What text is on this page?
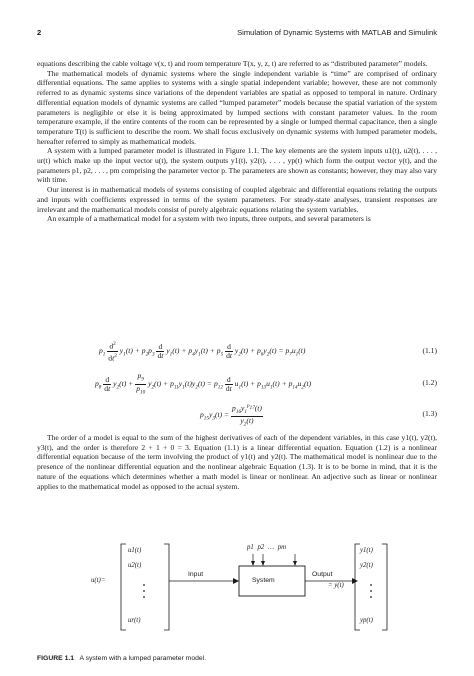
2	Simulation of Dynamic Systems with MATLAB and Simulink

equations describing the cable voltage v(x, t) and room temperature T(x, y, z, t) are referred to as “distributed parameter” models.

The mathematical models of dynamic systems where the single independent variable is “time” are comprised of ordinary differential equations. The same applies to systems with a single spatial independent variable; however, these are not commonly referred to as dynamic systems since variations of the dependent variables are spatial as opposed to temporal in nature. Ordinary differential equation models of dynamic systems are called “lumped parameter” models because the spatial variation of the system parameters is negligible or else it is being approximated by lumped sections with constant parameter values. In the room temperature example, if the entire contents of the room can be represented by a single or lumped thermal capacitance, then a single temperature T(t) is sufficient to describe the room. We shall focus exclusively on dynamic systems with lumped parameter models, hereafter referred to simply as mathematical models.

A system with a lumped parameter model is illustrated in Figure 1.1. The key elements are the system inputs u1(t), u2(t), . . . , ur(t) which make up the input vector u(t), the system outputs y1(t), y2(t), . . . , yp(t) which form the output vector y(t), and the parameters p1, p2, . . . , pm comprising the parameter vector p. The parameters are shown as constants; however, they may also vary with time.

Our interest is in mathematical models of systems consisting of coupled algebraic and differential equations relating the outputs and inputs with coefficients expressed in terms of the system parameters. For steady-state analyses, transient responses are irrelevant and the mathematical models consist of purely algebraic equations relating the system variables.

An example of a mathematical model for a system with two inputs, three outputs, and several parameters is

$p_1 \frac{d^2}{dt^2} y_1(t) + p_2p_3 \frac{d}{dt} y_1(t) + p_4y_1(t) + p_5 \frac{d}{dt} y_2(t) + p_6y_2(t) = p_7u_1(t)$	(1.1)
$p_8 \frac{d}{dt} y_2(t) + \frac{p_9}{p_{10}} y_2(t) + p_{11}y_1(t)y_2(t) = p_{12} \frac{d}{dt} u_1(t) + p_{13}u_1(t) + p_{14}u_2(t)$	(1.2)
$p_{15}y_3(t) = \frac{p_{16}y_1^{p_{17}}(t)}{y_2(t)}$	(1.3)

The order of a model is equal to the sum of the highest derivatives of each of the dependent variables, in this case y1(t), y2(t), y3(t), and the order is therefore 2 + 1 + 0 = 3. Equation (1.1) is a linear differential equation. Equation (1.2) is a nonlinear differential equation because of the term involving the product of y1(t) and y2(t). The mathematical model is nonlinear due to the presence of the nonlinear differential equation and the nonlinear algebraic Equation (1.3). It is to be borne in mind, that it is the nature of the equations which determines whether a math model is linear or nonlinear. An adjective such as linear or nonlinear applies to the mathematical model as opposed to the actual system.

u1(t)
u2(t)
ur(t)
u(t)=
Input
System
p1 p2 … pm
Output
= y(t)
y1(t)
y2(t)
yp(t)
FIGURE 1.1 A system with a lumped parameter model.
